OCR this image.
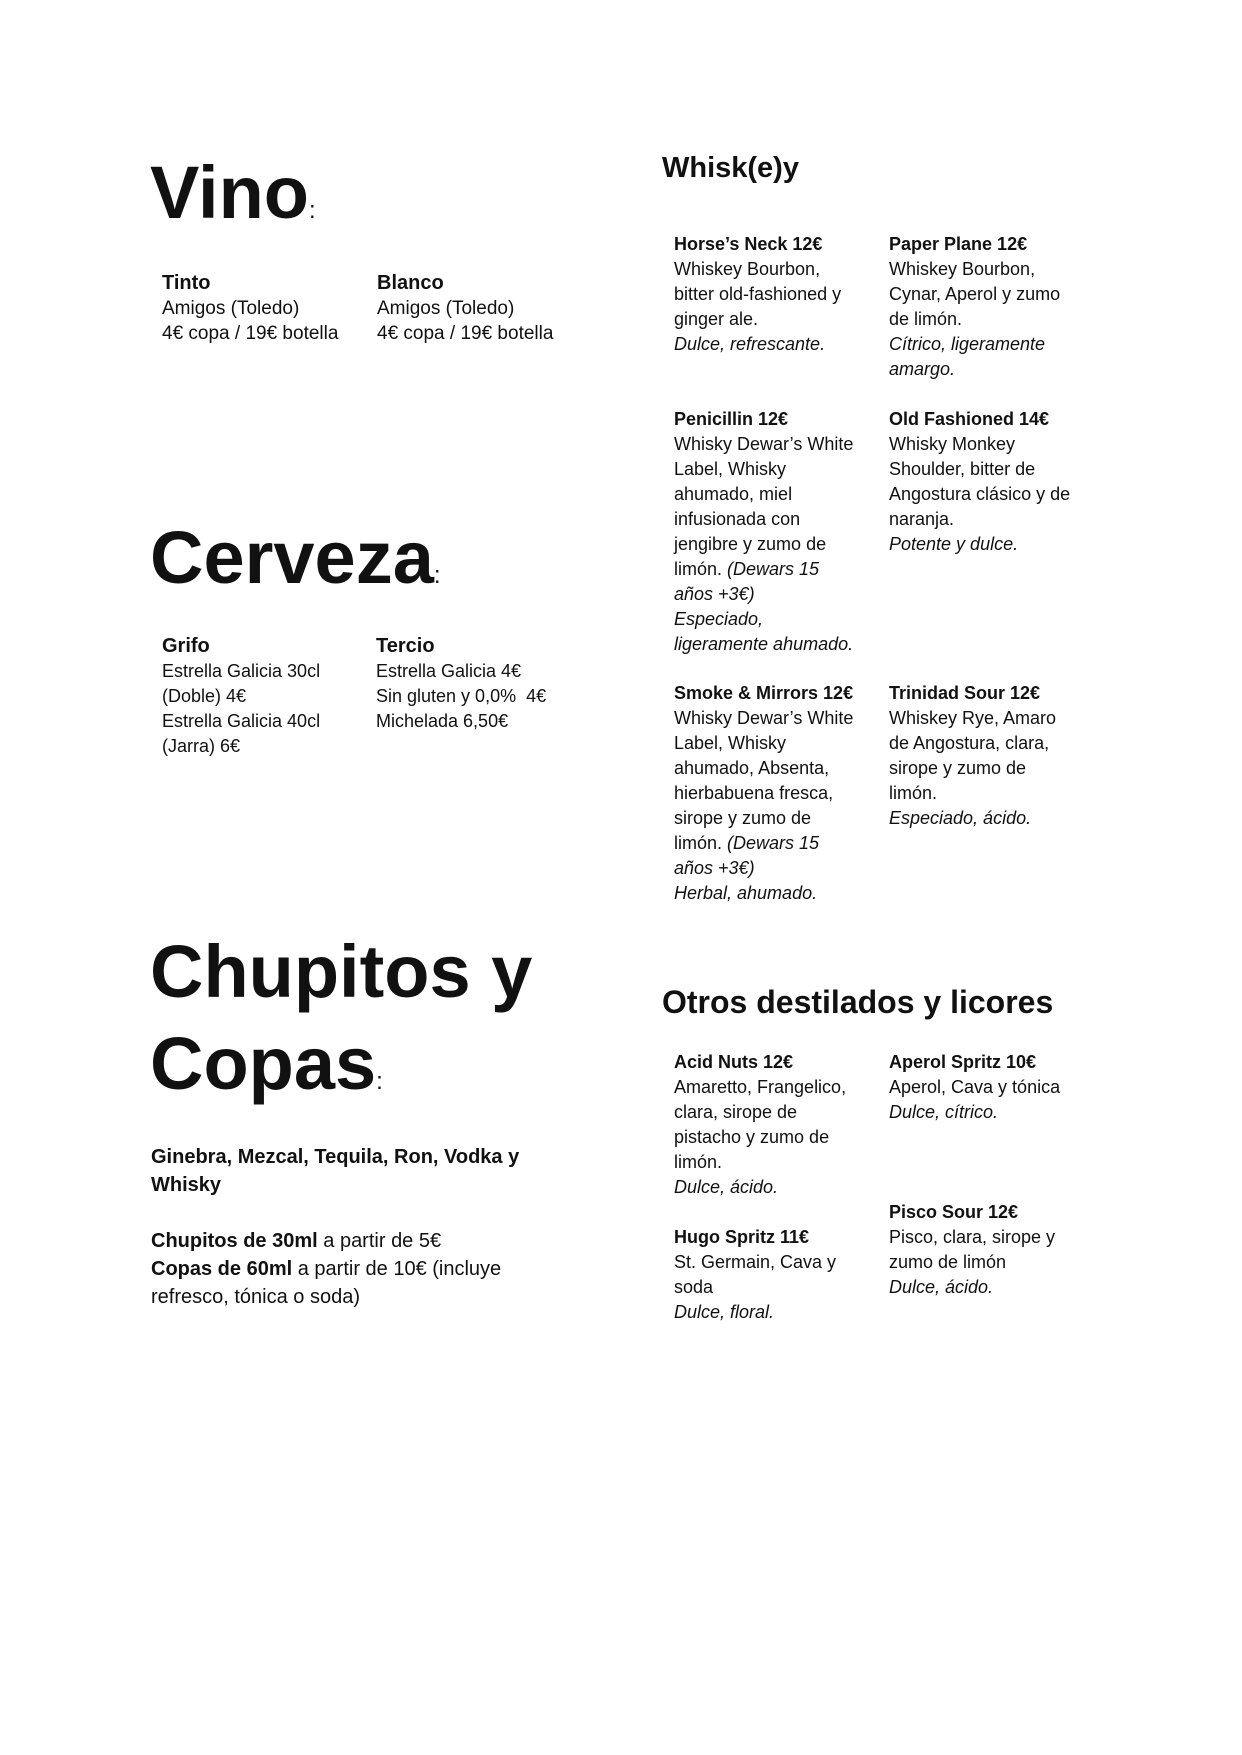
Vino:
Tinto
Amigos (Toledo)
4€ copa / 19€ botella
Blanco
Amigos (Toledo)
4€ copa / 19€ botella
Cerveza:
Grifo
Estrella Galicia 30cl
(Doble) 4€
Estrella Galicia 40cl
(Jarra) 6€
Tercio
Estrella Galicia 4€
Sin gluten y 0,0%  4€
Michelada 6,50€
Chupitos y
Copas:
Ginebra, Mezcal, Tequila, Ron, Vodka y
Whisky
Chupitos de 30ml a partir de 5€
Copas de 60ml a partir de 10€ (incluye
refresco, tónica o soda)
Whisk(e)y
Horse’s Neck 12€
Whiskey Bourbon,
bitter old-fashioned y
ginger ale.
Dulce, refrescante.
Paper Plane 12€
Whiskey Bourbon,
Cynar, Aperol y zumo
de limón.
Cítrico, ligeramente
amargo.
Penicillin 12€
Whisky Dewar’s White
Label, Whisky
ahumado, miel
infusionada con
jengibre y zumo de
limón. (Dewars 15
años +3€)
Especiado,
ligeramente ahumado.
Old Fashioned 14€
Whisky Monkey
Shoulder, bitter de
Angostura clásico y de
naranja.
Potente y dulce.
Smoke & Mirrors 12€
Whisky Dewar’s White
Label, Whisky
ahumado, Absenta,
hierbabuena fresca,
sirope y zumo de
limón. (Dewars 15
años +3€)
Herbal, ahumado.
Trinidad Sour 12€
Whiskey Rye, Amaro
de Angostura, clara,
sirope y zumo de
limón.
Especiado, ácido.
Otros destilados y licores
Acid Nuts 12€
Amaretto, Frangelico,
clara, sirope de
pistacho y zumo de
limón.
Dulce, ácido.
Aperol Spritz 10€
Aperol, Cava y tónica
Dulce, cítrico.
Hugo Spritz 11€
St. Germain, Cava y
soda
Dulce, floral.
Pisco Sour 12€
Pisco, clara, sirope y
zumo de limón
Dulce, ácido.
